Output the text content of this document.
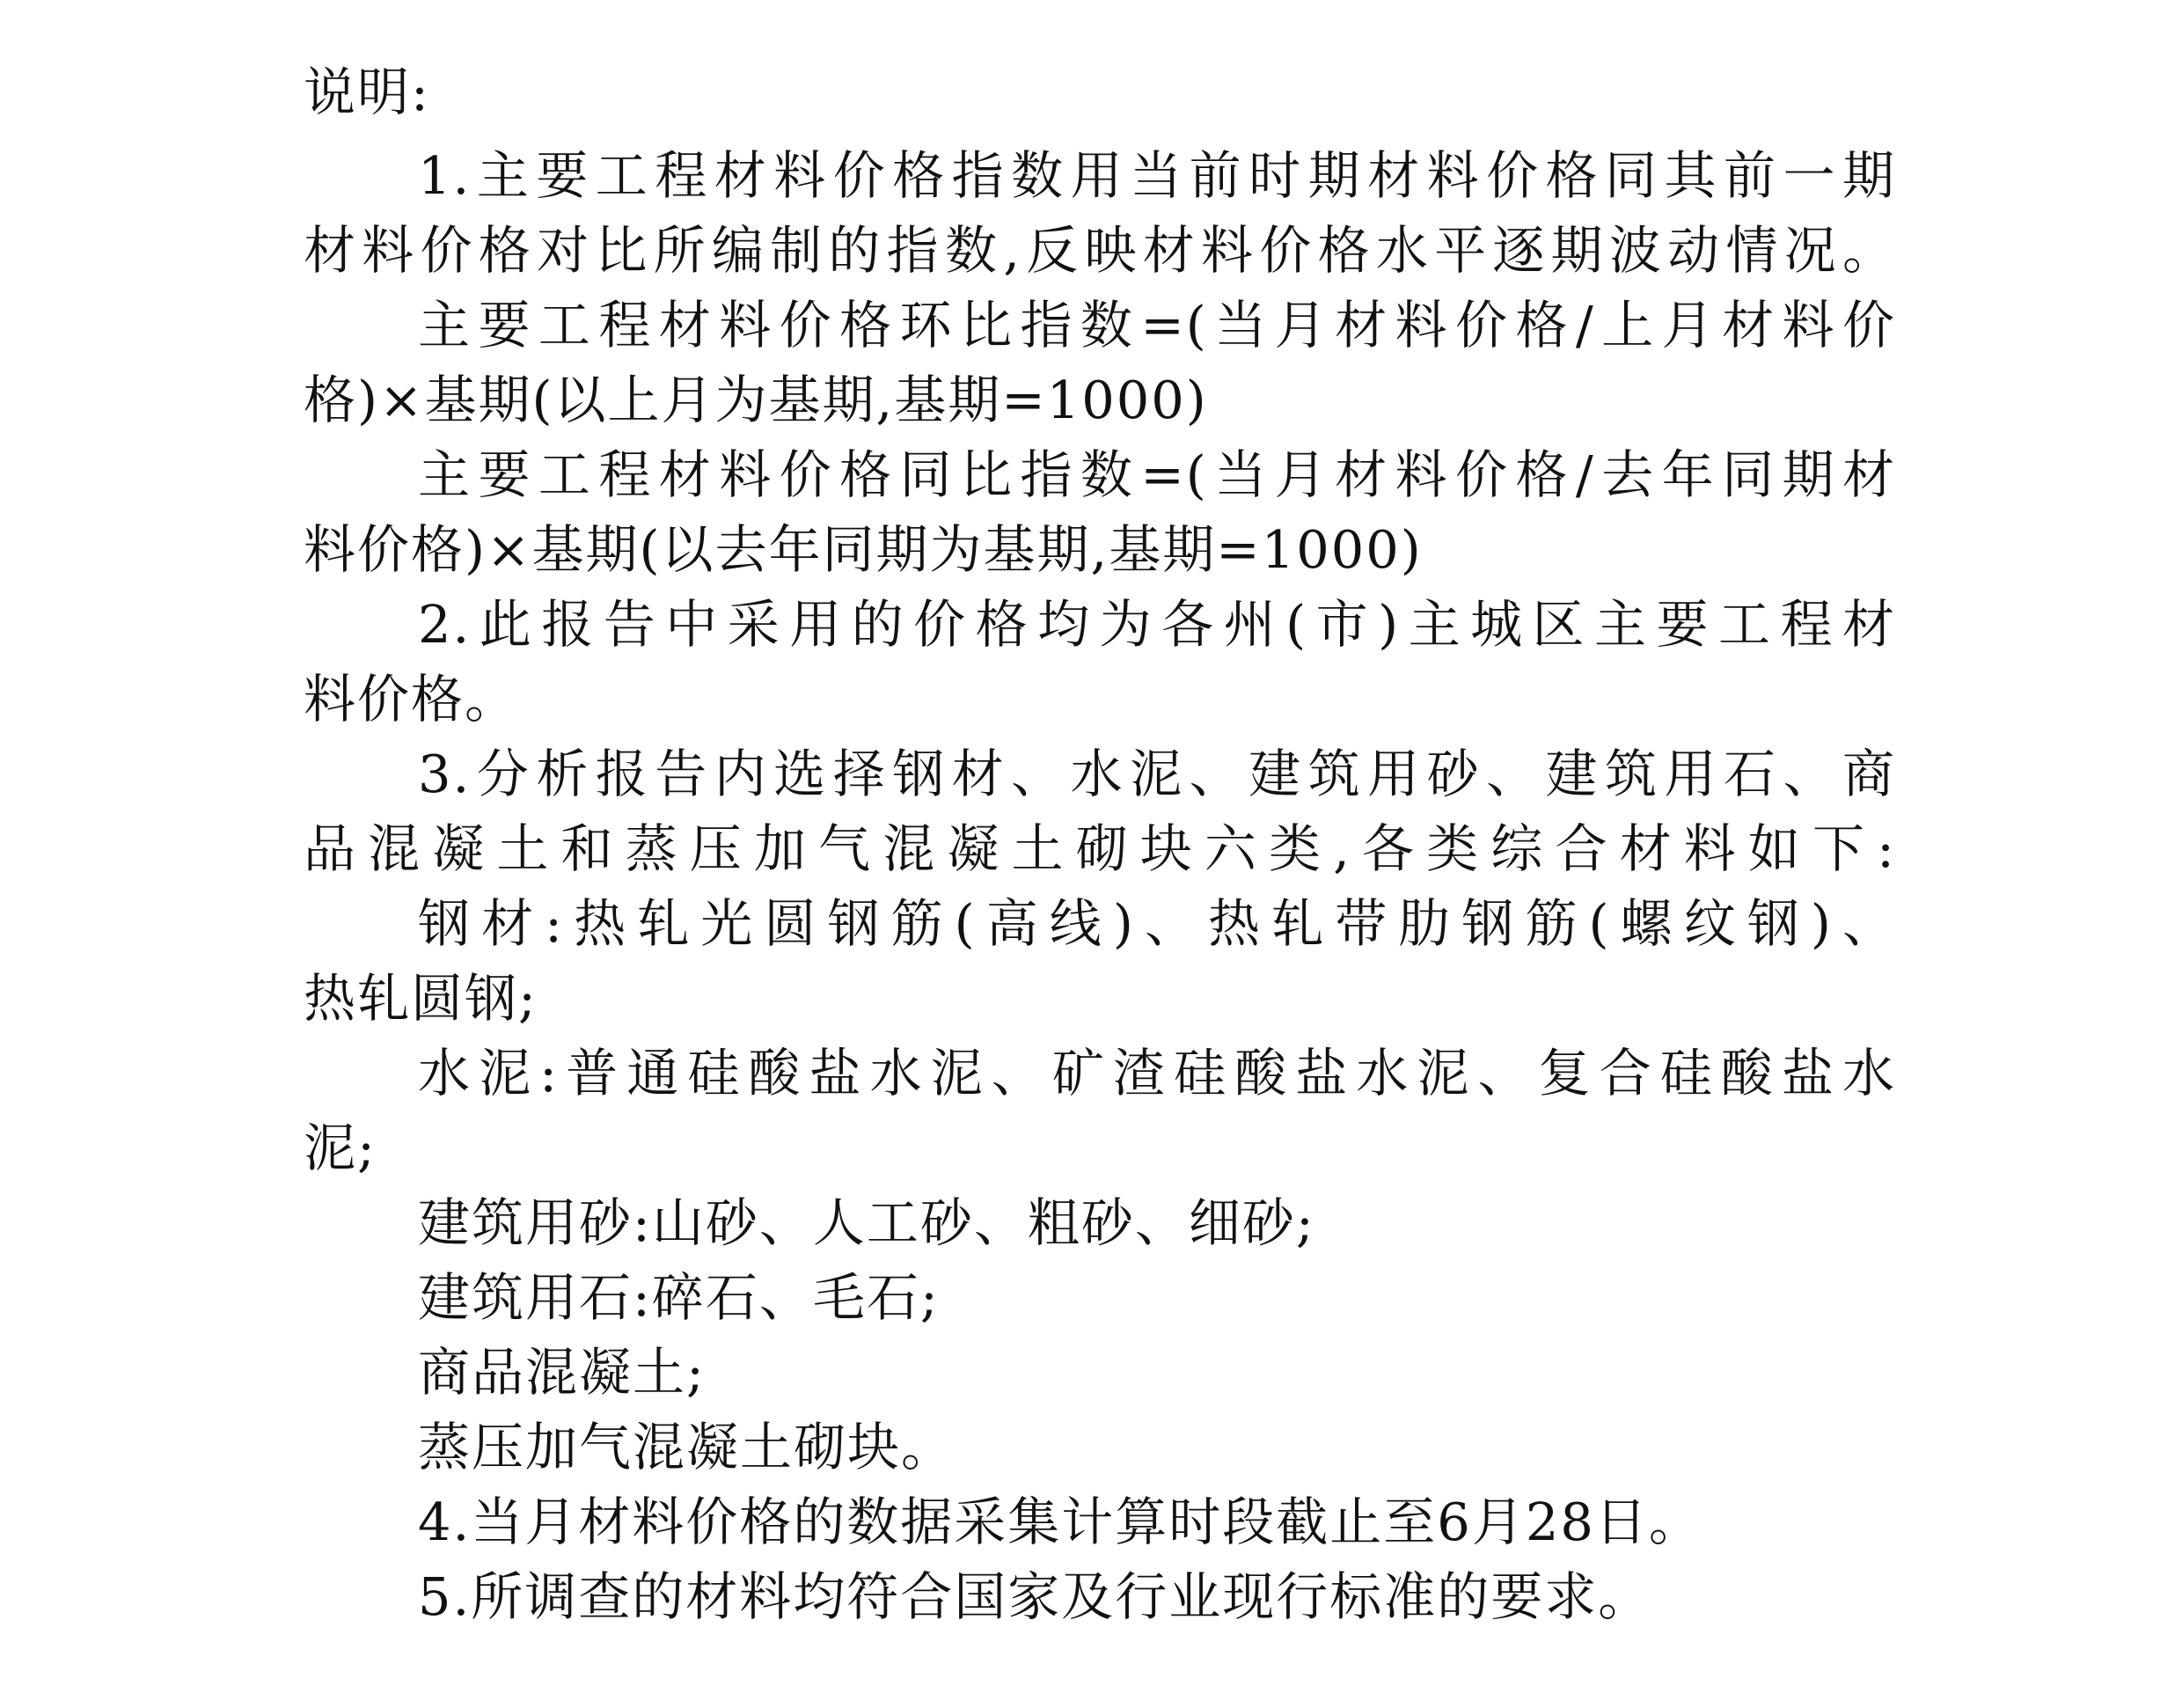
说明:
1.主要工程材料价格指数用当前时期材料价格同其前一期
材料价格对比所编制的指数,反映材料价格水平逐期波动情况。
主要工程材料价格环比指数=(当月材料价格/上月材料价
格)×基期(以上月为基期,基期=1000)
主要工程材料价格同比指数=(当月材料价格/去年同期材
料价格)×基期(以去年同期为基期,基期=1000)
2.此报告中采用的价格均为各州(市)主城区主要工程材
料价格。
3.分析报告内选择钢材、水泥、建筑用砂、建筑用石、商
品混凝土和蒸压加气混凝土砌块六类,各类综合材料如下:
钢材:热轧光圆钢筋(高线)、热轧带肋钢筋(螺纹钢)、
热轧圆钢;
水泥:普通硅酸盐水泥、矿渣硅酸盐水泥、复合硅酸盐水
泥;
建筑用砂:山砂、人工砂、粗砂、细砂;
建筑用石:碎石、毛石;
商品混凝土;
蒸压加气混凝土砌块。
4.当月材料价格的数据采集计算时段截止至6月28日。
5.所调查的材料均符合国家及行业现行标准的要求。
